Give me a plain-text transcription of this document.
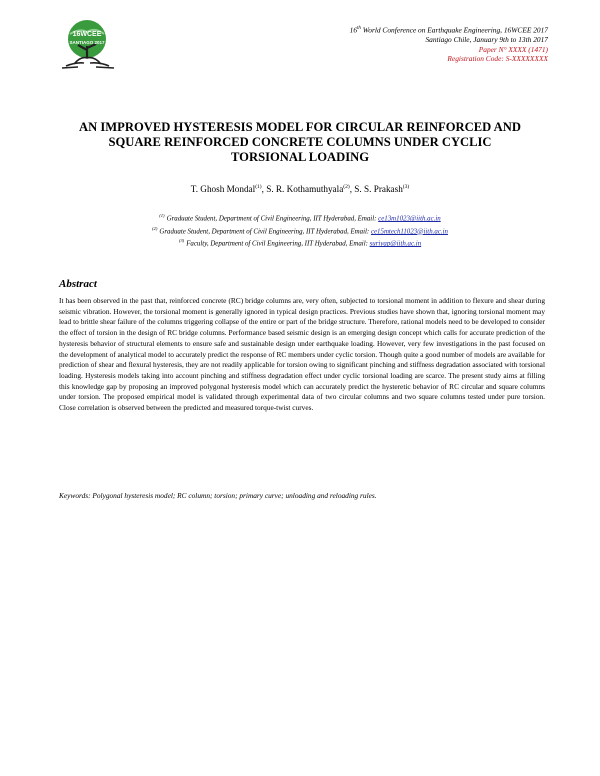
16WCEE
SANTIAGO 2017
16th World Conference on Earthquake Engineering, 16WCEE 2017
Santiago Chile, January 9th to 13th 2017
Paper N° XXXX (1471)
Registration Code: S-XXXXXXXX
AN IMPROVED HYSTERESIS MODEL FOR CIRCULAR REINFORCED AND
SQUARE REINFORCED CONCRETE COLUMNS UNDER CYCLIC
TORSIONAL LOADING
T. Ghosh Mondal$^{(1)}$, S. R. Kothamuthyala$^{(2)}$, S. S. Prakash$^{(3)}$
$^{(1)}$ Graduate Student, Department of Civil Engineering, IIT Hyderabad, Email: ce13m1023@iith.ac.in
$^{(2)}$ Graduate Student, Department of Civil Engineering, IIT Hyderabad, Email: ce15mtech11023@iith.ac.in
$^{(3)}$ Faculty, Department of Civil Engineering, IIT Hyderabad, Email: suriyap@iith.ac.in
Abstract
It has been observed in the past that, reinforced concrete (RC) bridge columns are, very often, subjected to torsional moment in addition to flexure and shear during seismic vibration. However, the torsional moment is generally ignored in typical design practices. Previous studies have shown that, ignoring torsional moment may lead to brittle shear failure of the columns triggering collapse of the entire or part of the bridge structure. Therefore, rational models need to be developed to consider the effect of torsion in the design of RC bridge columns. Performance based seismic design is an emerging design concept which calls for accurate prediction of the hysteresis behavior of structural elements to ensure safe and sustainable design under earthquake loading. However, very few investigations in the past focused on the development of analytical model to accurately predict the response of RC members under cyclic torsion. Though quite a good number of models are available for prediction of shear and flexural hysteresis, they are not readily applicable for torsion owing to significant pinching and stiffness degradation associated with torsional loading. Hysteresis models taking into account pinching and stiffness degradation effect under cyclic torsional loading are scarce. The present study aims at filling this knowledge gap by proposing an improved polygonal hysteresis model which can accurately predict the hysteretic behavior of RC circular and square columns under torsion. The proposed empirical model is validated through experimental data of two circular columns and two square columns tested under pure torsion. Close correlation is observed between the predicted and measured torque-twist curves.
Keywords: Polygonal hysteresis model; RC column; torsion; primary curve; unloading and reloading rules.
